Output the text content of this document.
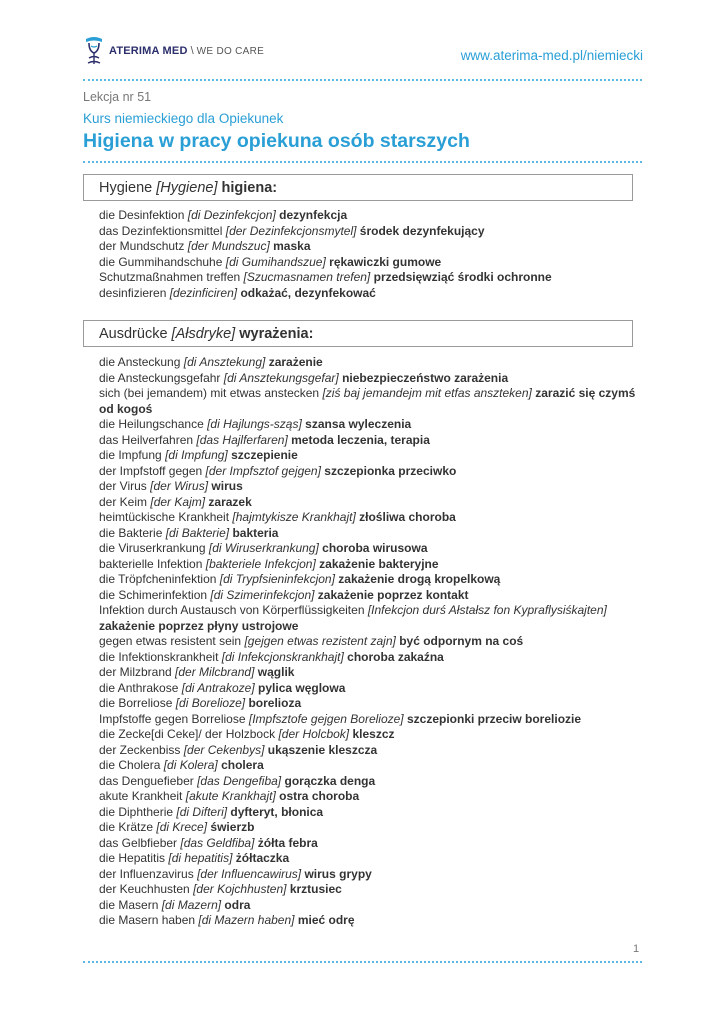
ATERIMA MED \ WE DO CARE	www.aterima-med.pl/niemiecki
Lekcja nr 51
Kurs niemieckiego dla Opiekunek
Higiena w pracy opiekuna osób starszych
Hygiene [Hygiene] higiena:
die Desinfektion [di Dezinfekcjon] dezynfekcja
das Dezinfektionsmittel [der Dezinfekcjonsmytel] środek dezynfekujący
der Mundschutz [der Mundszuc] maska
die Gummihandschuhe [di Gumihandszue] rękawiczki gumowe
Schutzmaßnahmen treffen [Szucmasnamen trefen] przedsięwziąć środki ochronne
desinfizieren [dezinficiren] odkażać, dezynfekować
Ausdrücke [Ałsdryke] wyrażenia:
die Ansteckung [di Ansztekung] zarażenie
die Ansteckungsgefahr [di Ansztekungsgefar] niebezpieczeństwo zarażenia
sich (bei jemandem) mit etwas anstecken [ziś baj jemandejm mit etfas anszteken] zarazić się czymś od kogoś
die Heilungschance [di Hajlungs-sząs] szansa wyleczenia
das Heilverfahren [das Hajlferfaren] metoda leczenia, terapia
die Impfung [di Impfung] szczepienie
der Impfstoff gegen [der Impfsztof gejgen] szczepionka przeciwko
der Virus [der Wirus] wirus
der Keim [der Kajm] zarazek
heimtückische Krankheit [hajmtykisze Krankhajt] złośliwa choroba
die Bakterie [di Bakterie] bakteria
die Viruserkrankung [di Wiruserkrankung] choroba wirusowa
bakterielle Infektion [bakteriele Infekcjon] zakażenie bakteryjne
die Tröpfcheninfektion [di Trypfsieninfekcjon] zakażenie drogą kropelkową
die Schimerinfektion [di Szimerinfekcjon] zakażenie poprzez kontakt
Infektion durch Austausch von Körperflüssigkeiten [Infekcjon durś Ałstałsz fon Kypraflysiśkajten] zakażenie poprzez płyny ustrojowe
gegen etwas resistent sein [gejgen etwas rezistent zajn] być odpornym na coś
die Infektionskrankheit [di Infekcjonskrankhajt] choroba zakaźna
der Milzbrand [der Milcbrand] wąglik
die Anthrakose [di Antrakoze] pylica węglowa
die Borreliose [di Borelioze] borelioza
Impfstoffe gegen Borreliose [Impfsztofe gejgen Borelioze] szczepionki przeciw boreliozie
die Zecke[di Ceke]/ der Holzbock [der Holcbok] kleszcz
der Zeckenbiss [der Cekenbys] ukąszenie kleszcza
die Cholera [di Kolera] cholera
das Denguefieber [das Dengefiba] gorączka denga
akute Krankheit [akute Krankhajt] ostra choroba
die Diphtherie [di Difteri] dyfteryt, błonica
die Krätze [di Krece] świerzb
das Gelbfieber [das Geldfiba] żółta febra
die Hepatitis [di hepatitis] żółtaczka
der Influenzavirus [der Influencawirus] wirus grypy
der Keuchhusten [der Kojchhusten] krztusiec
die Masern [di Mazern] odra
die Masern haben [di Mazern haben] mieć odrę
1
